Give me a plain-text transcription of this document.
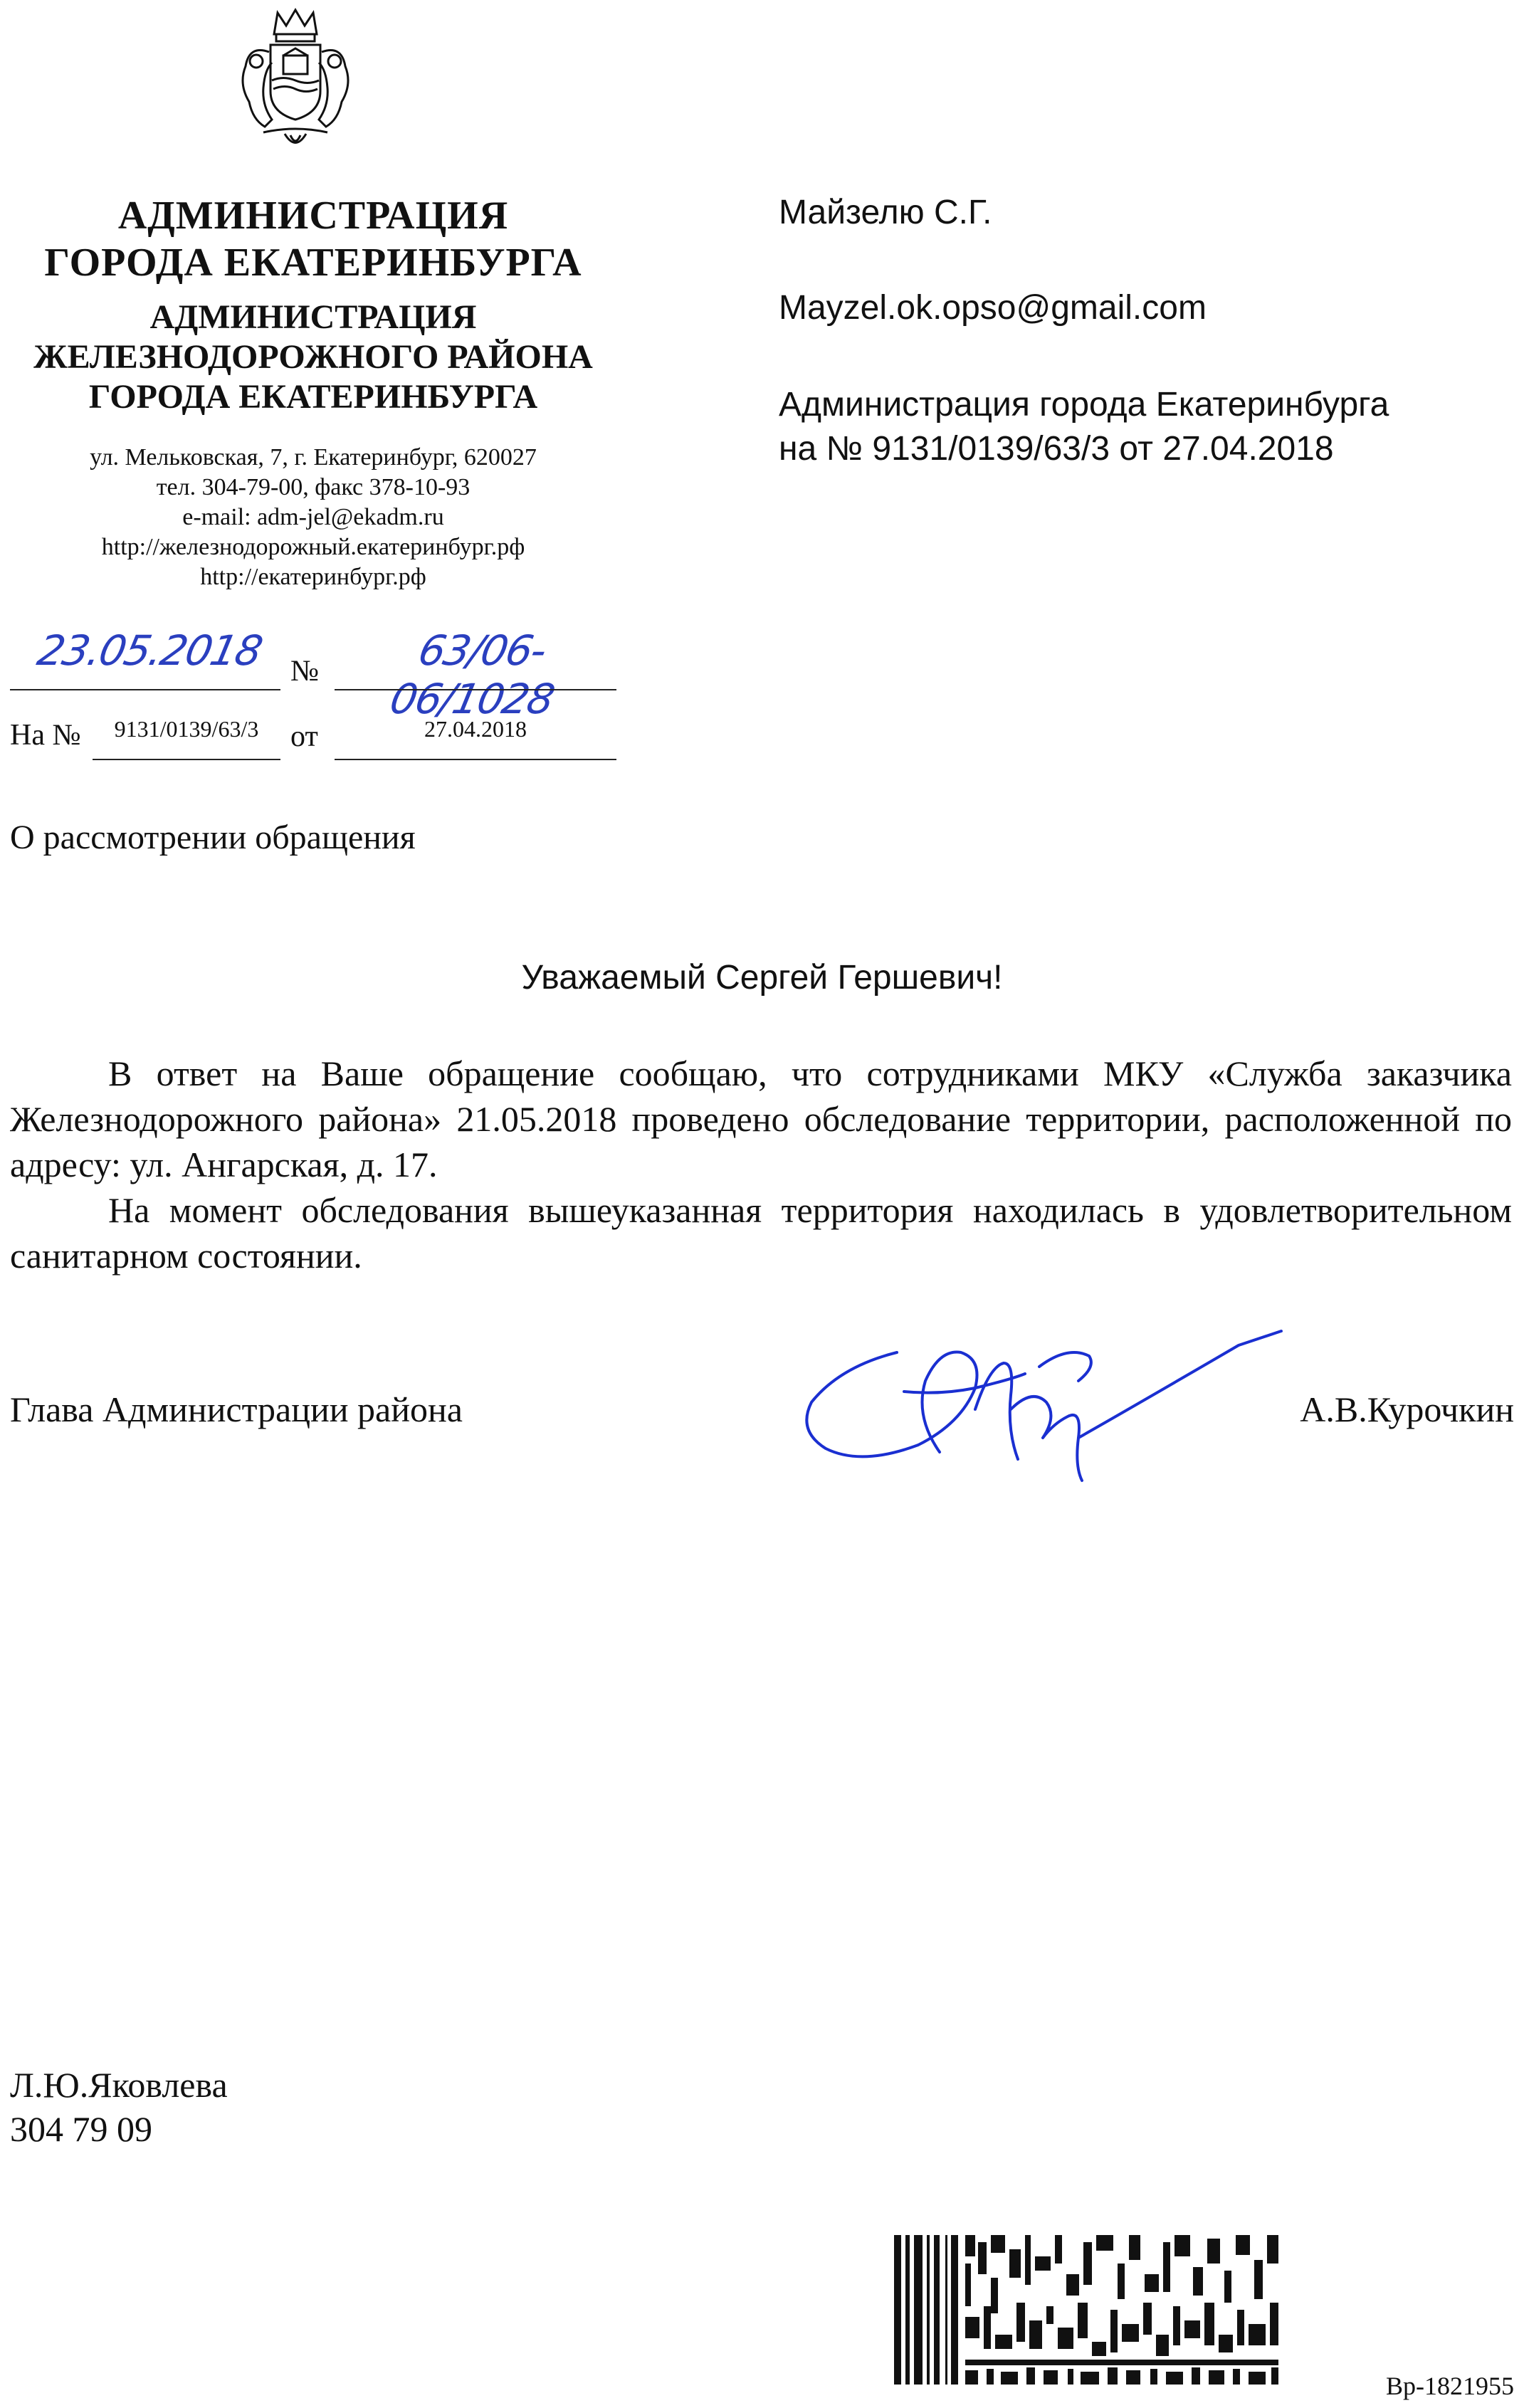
АДМИНИСТРАЦИЯ
ГОРОДА ЕКАТЕРИНБУРГА
АДМИНИСТРАЦИЯ
ЖЕЛЕЗНОДОРОЖНОГО РАЙОНА
ГОРОДА ЕКАТЕРИНБУРГА
ул. Мельковская, 7, г. Екатеринбург, 620027
тел. 304-79-00, факс 378-10-93
e-mail: adm-jel@ekadm.ru
http://железнодорожный.екатеринбург.рф
http://екатеринбург.рф
23.05.2018 №	63/06-06/1028
На №	9131/0139/63/3	от	27.04.2018
Майзелю С.Г.
Mayzel.ok.opso@gmail.com
Администрация города Екатеринбурга
на № 9131/0139/63/3 от 27.04.2018
О рассмотрении обращения
Уважаемый Сергей Гершевич!

В ответ на Ваше обращение сообщаю, что сотрудниками МКУ «Служба заказчика Железнодорожного района» 21.05.2018 проведено обследование территории, расположенной по адресу: ул. Ангарская, д. 17.

На момент обследования вышеуказанная территория находилась в удовлетворительном санитарном состоянии.

Глава Администрации района	А.В.Курочкин
Л.Ю.Яковлева
304 79 09
Вр-1821955
